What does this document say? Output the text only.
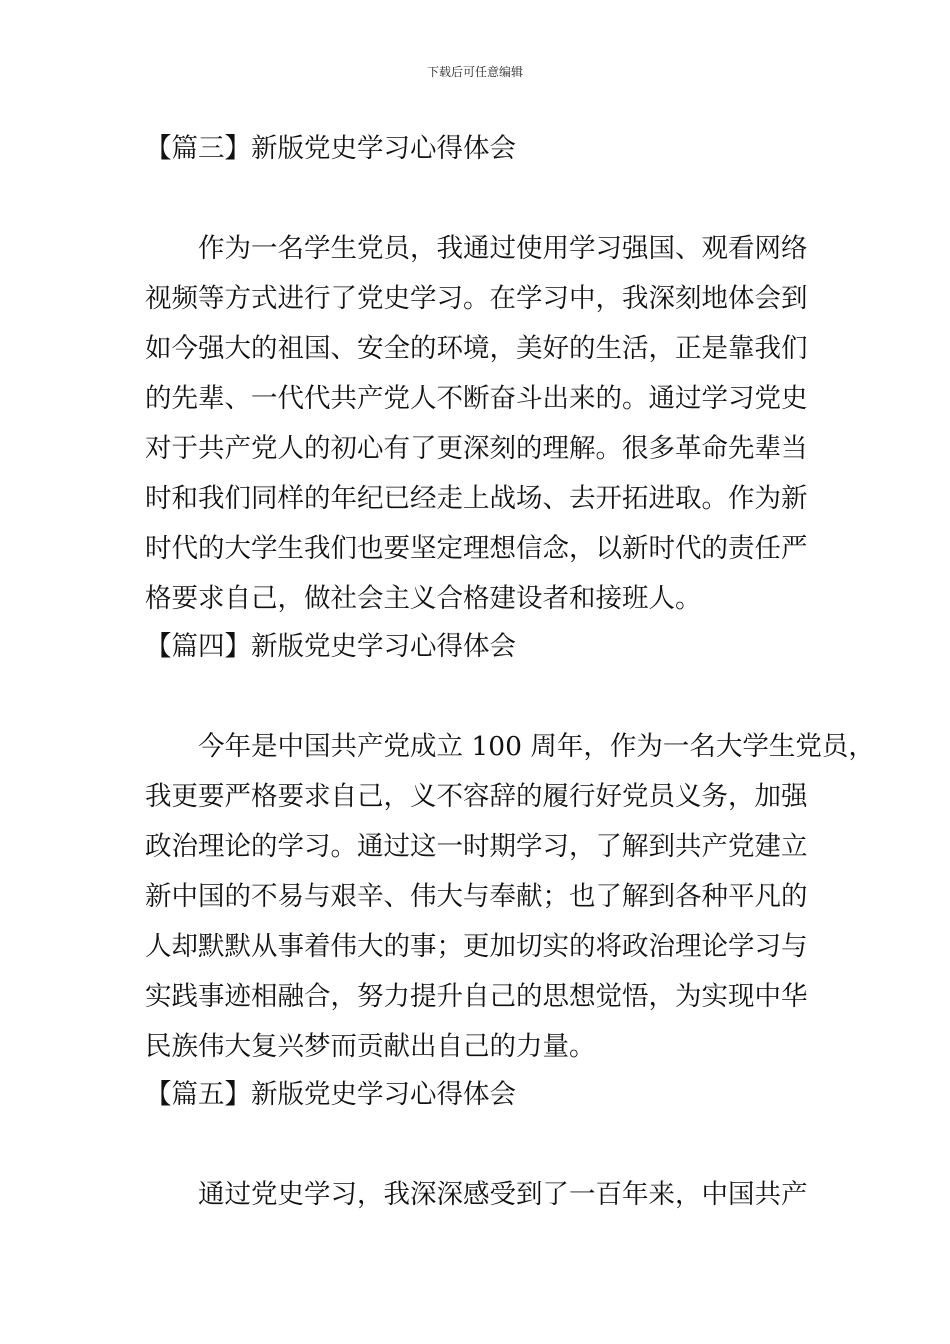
下载后可任意编辑
【篇三】新版党史学习心得体会
作为一名学生党员，我通过使用学习强国、观看网络
视频等方式进行了党史学习。在学习中，我深刻地体会到
如今强大的祖国、安全的环境，美好的生活，正是靠我们
的先辈、一代代共产党人不断奋斗出来的。通过学习党史
对于共产党人的初心有了更深刻的理解。很多革命先辈当
时和我们同样的年纪已经走上战场、去开拓进取。作为新
时代的大学生我们也要坚定理想信念，以新时代的责任严
格要求自己，做社会主义合格建设者和接班人。
【篇四】新版党史学习心得体会
今年是中国共产党成立 100 周年，作为一名大学生党员，
我更要严格要求自己，义不容辞的履行好党员义务，加强
政治理论的学习。通过这一时期学习，了解到共产党建立
新中国的不易与艰辛、伟大与奉献；也了解到各种平凡的
人却默默从事着伟大的事；更加切实的将政治理论学习与
实践事迹相融合，努力提升自己的思想觉悟，为实现中华
民族伟大复兴梦而贡献出自己的力量。
【篇五】新版党史学习心得体会
通过党史学习，我深深感受到了一百年来，中国共产
